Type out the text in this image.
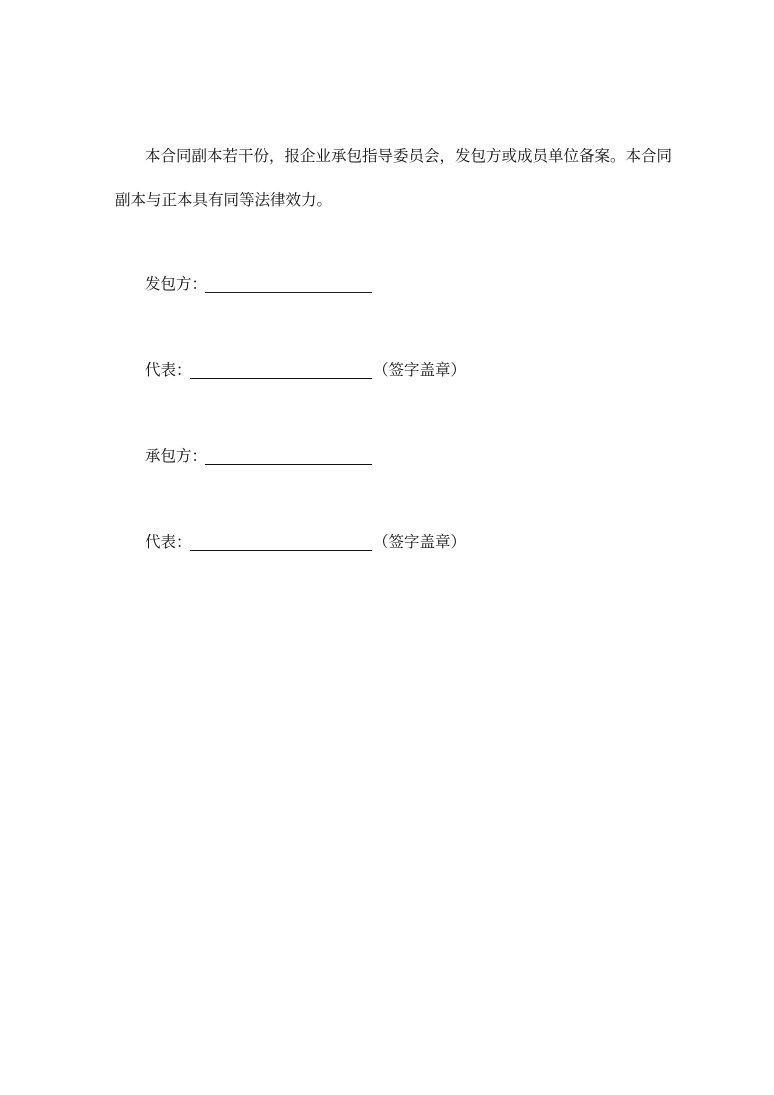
本合同副本若干份，报企业承包指导委员会，发包方或成员单位备案。本合同

副本与正本具有同等法律效力。

发包方：
代表：	（签字盖章）
承包方：
代表：	（签字盖章）
